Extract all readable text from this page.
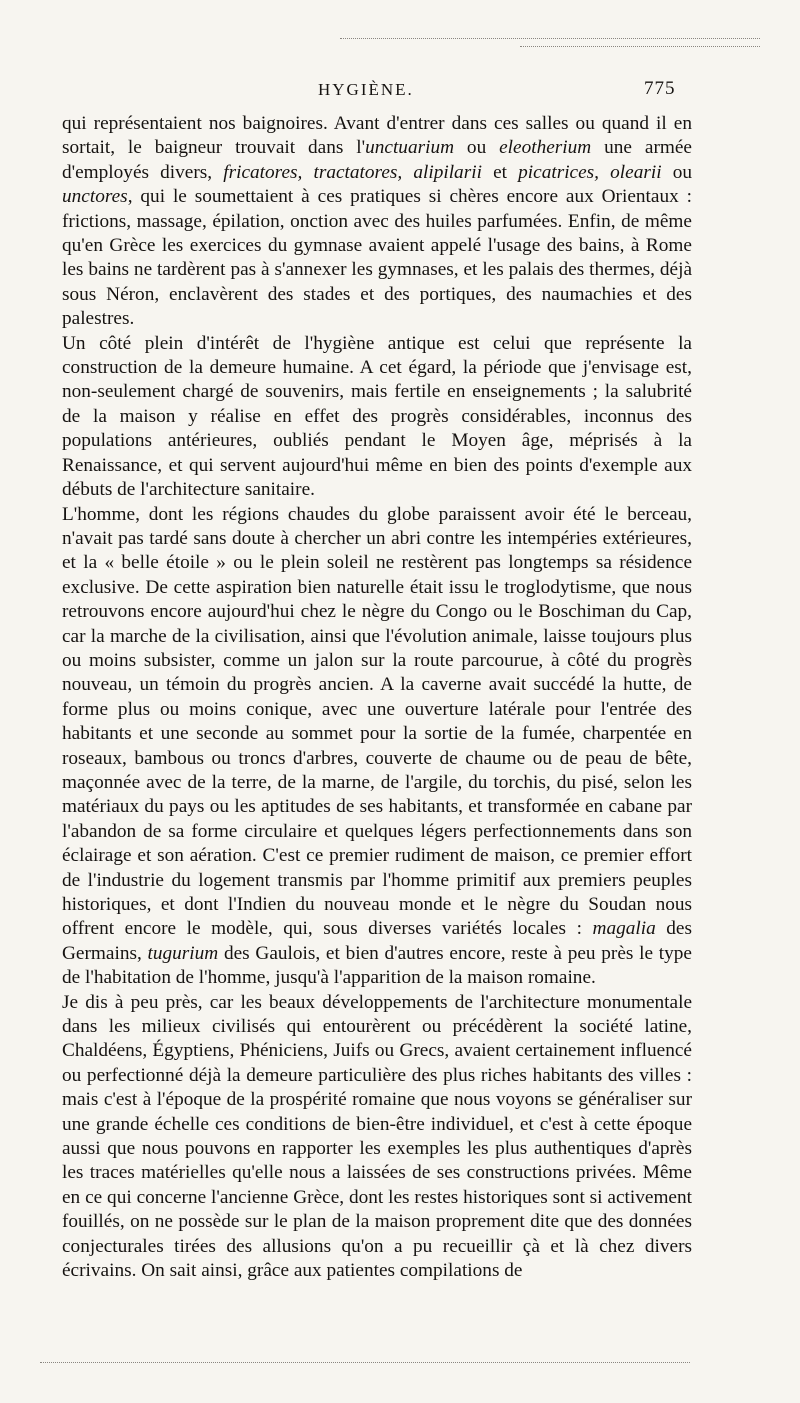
HYGIÈNE.	775

qui représentaient nos baignoires. Avant d'entrer dans ces salles ou quand il en sortait, le baigneur trouvait dans l'unctuarium ou eleotherium une armée d'employés divers, fricatores, tractatores, alipilarii et picatrices, olearii ou unctores, qui le soumettaient à ces pratiques si chères encore aux Orientaux : frictions, massage, épilation, onction avec des huiles parfumées. Enfin, de même qu'en Grèce les exercices du gymnase avaient appelé l'usage des bains, à Rome les bains ne tardèrent pas à s'annexer les gymnases, et les palais des thermes, déjà sous Néron, enclavèrent des stades et des portiques, des naumachies et des palestres.

Un côté plein d'intérêt de l'hygiène antique est celui que représente la construction de la demeure humaine. A cet égard, la période que j'envisage est, non-seulement chargé de souvenirs, mais fertile en enseignements ; la salubrité de la maison y réalise en effet des progrès considérables, inconnus des populations antérieures, oubliés pendant le Moyen âge, méprisés à la Renaissance, et qui servent aujourd'hui même en bien des points d'exemple aux débuts de l'architecture sanitaire.

L'homme, dont les régions chaudes du globe paraissent avoir été le berceau, n'avait pas tardé sans doute à chercher un abri contre les intempéries extérieures, et la « belle étoile » ou le plein soleil ne restèrent pas longtemps sa résidence exclusive. De cette aspiration bien naturelle était issu le troglodytisme, que nous retrouvons encore aujourd'hui chez le nègre du Congo ou le Boschiman du Cap, car la marche de la civilisation, ainsi que l'évolution animale, laisse toujours plus ou moins subsister, comme un jalon sur la route parcourue, à côté du progrès nouveau, un témoin du progrès ancien. A la caverne avait succédé la hutte, de forme plus ou moins conique, avec une ouverture latérale pour l'entrée des habitants et une seconde au sommet pour la sortie de la fumée, charpentée en roseaux, bambous ou troncs d'arbres, couverte de chaume ou de peau de bête, maçonnée avec de la terre, de la marne, de l'argile, du torchis, du pisé, selon les matériaux du pays ou les aptitudes de ses habitants, et transformée en cabane par l'abandon de sa forme circulaire et quelques légers perfectionnements dans son éclairage et son aération. C'est ce premier rudiment de maison, ce premier effort de l'industrie du logement transmis par l'homme primitif aux premiers peuples historiques, et dont l'Indien du nouveau monde et le nègre du Soudan nous offrent encore le modèle, qui, sous diverses variétés locales : magalia des Germains, tugurium des Gaulois, et bien d'autres encore, reste à peu près le type de l'habitation de l'homme, jusqu'à l'apparition de la maison romaine.

Je dis à peu près, car les beaux développements de l'architecture monumentale dans les milieux civilisés qui entourèrent ou précédèrent la société latine, Chaldéens, Égyptiens, Phéniciens, Juifs ou Grecs, avaient certainement influencé ou perfectionné déjà la demeure particulière des plus riches habitants des villes : mais c'est à l'époque de la prospérité romaine que nous voyons se généraliser sur une grande échelle ces conditions de bien-être individuel, et c'est à cette époque aussi que nous pouvons en rapporter les exemples les plus authentiques d'après les traces matérielles qu'elle nous a laissées de ses constructions privées. Même en ce qui concerne l'ancienne Grèce, dont les restes historiques sont si activement fouillés, on ne possède sur le plan de la maison proprement dite que des données conjecturales tirées des allusions qu'on a pu recueillir çà et là chez divers écrivains. On sait ainsi, grâce aux patientes compilations de
